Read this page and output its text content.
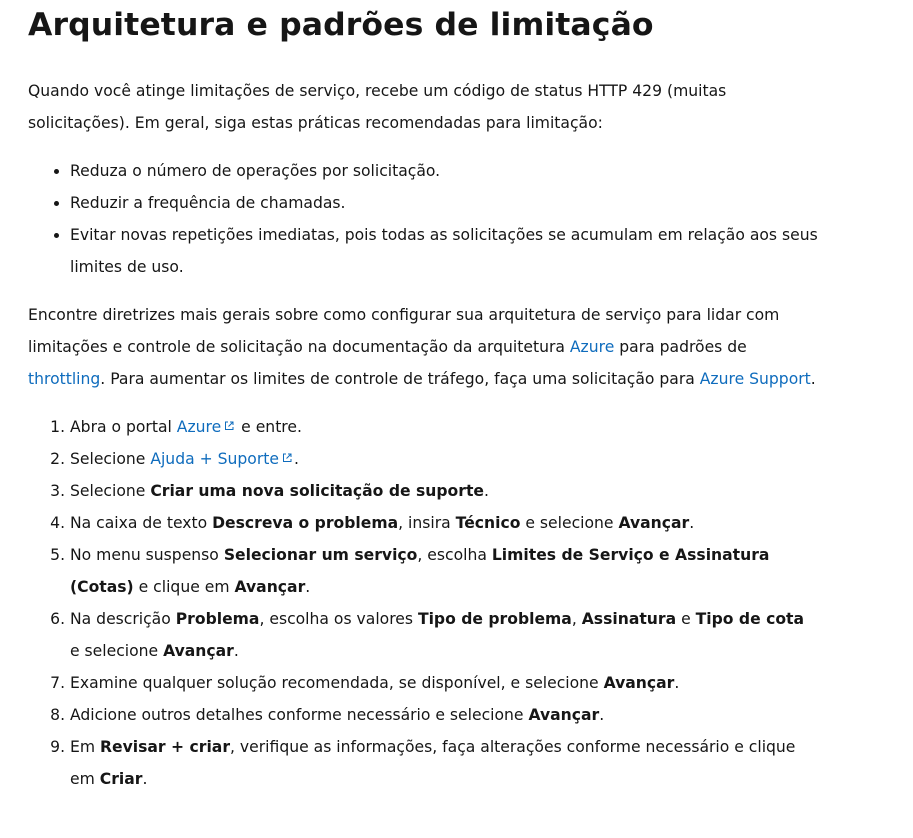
Arquitetura e padrões de limitação

Quando você atinge limitações de serviço, recebe um código de status HTTP 429 (muitas solicitações). Em geral, siga estas práticas recomendadas para limitação:

• Reduza o número de operações por solicitação.
• Reduzir a frequência de chamadas.
• Evitar novas repetições imediatas, pois todas as solicitações se acumulam em relação aos seus limites de uso.

Encontre diretrizes mais gerais sobre como configurar sua arquitetura de serviço para lidar com limitações e controle de solicitação na documentação da arquitetura Azure para padrões de throttling. Para aumentar os limites de controle de tráfego, faça uma solicitação para Azure Support.

1. Abra o portal Azure
e entre.
2. Selecione Ajuda + Suporte .
3. Selecione Criar uma nova solicitação de suporte.
4. Na caixa de texto Descreva o problema, insira Técnico e selecione Avançar.
5. No menu suspenso Selecionar um serviço, escolha Limites de Serviço e Assinatura (Cotas) e clique em Avançar.
6. Na descrição Problema, escolha os valores Tipo de problema, Assinatura e Tipo de cota e selecione Avançar.
7. Examine qualquer solução recomendada, se disponível, e selecione Avançar.
8. Adicione outros detalhes conforme necessário e selecione Avançar.
9. Em Revisar + criar, verifique as informações, faça alterações conforme necessário e clique em Criar.
